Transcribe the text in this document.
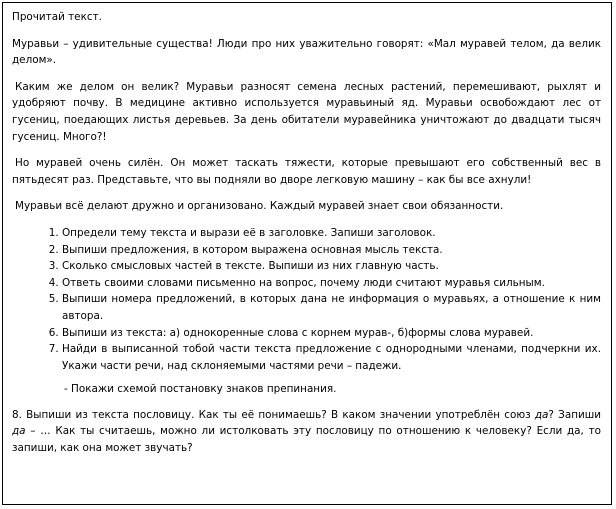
Прочитай текст.

Муравьи – удивительные существа! Люди про них уважительно говорят: «Мал муравей телом, да велик делом».

Каким же делом он велик? Муравьи разносят семена лесных растений, перемешивают, рыхлят и удобряют почву. В медицине активно используется муравьиный яд. Муравьи освобождают лес от гусениц, поедающих листья деревьев. За день обитатели муравейника уничтожают до двадцати тысяч гусениц. Много?!

Но муравей очень силён. Он может таскать тяжести, которые превышают его собственный вес в пятьдесят раз. Представьте, что вы подняли во дворе легковую машину – как бы все ахнули!

Муравьи всё делают дружно и организовано. Каждый муравей знает свои обязанности.

1. Определи тему текста и вырази её в заголовке. Запиши заголовок.
2. Выпиши предложения, в котором выражена основная мысль текста.
3. Сколько смысловых частей в тексте. Выпиши из них главную часть.
4. Ответь своими словами письменно на вопрос, почему люди считают муравья сильным.
5. Выпиши номера предложений, в которых дана не информация о муравьях, а отношение к ним автора.
6. Выпиши из текста: а) однокоренные слова с корнем мурав-, б)формы слова муравей.
7. Найди в выписанной тобой части текста предложение с однородными членами, подчеркни их. Укажи части речи, над склоняемыми частями речи – падежи.

- Покажи схемой постановку знаков препинания.

8. Выпиши из текста пословицу. Как ты её понимаешь? В каком значении употреблён союз да? Запиши да – … Как ты считаешь, можно ли истолковать эту пословицу по отношению к человеку? Если да, то запиши, как она может звучать?
